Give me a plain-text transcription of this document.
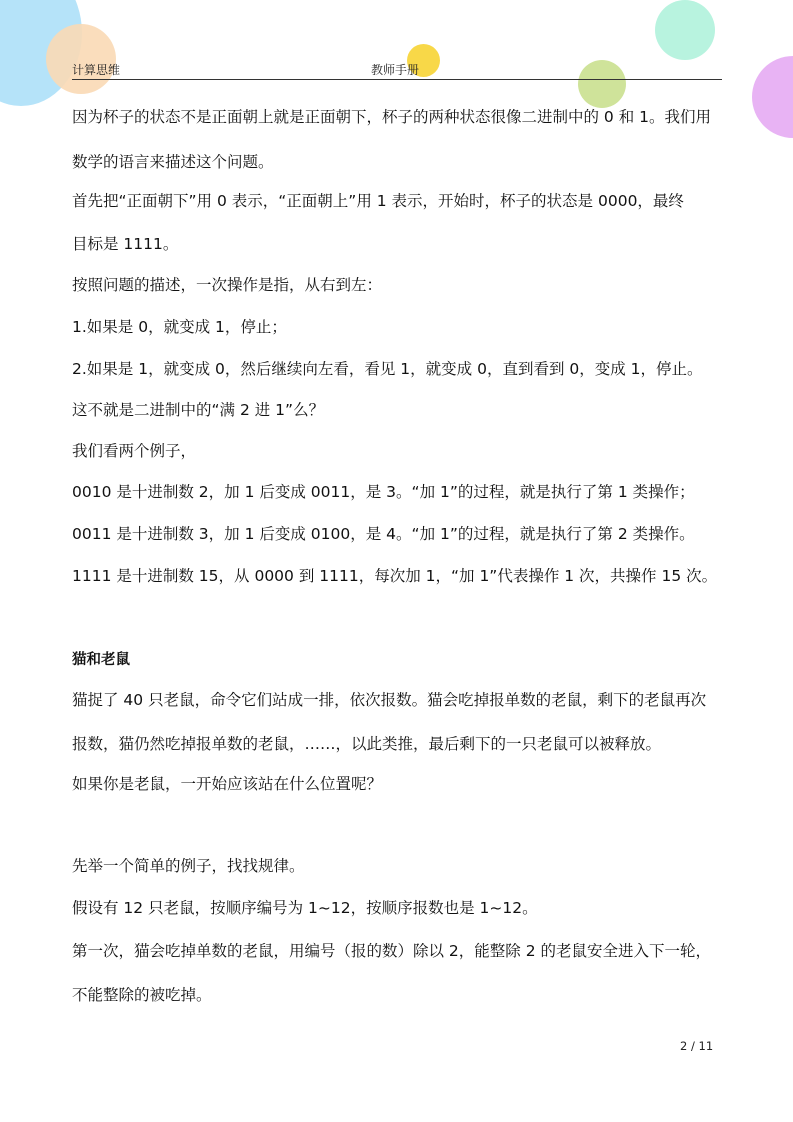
计算思维	教师手册
因为杯子的状态不是正面朝上就是正面朝下，杯子的两种状态很像二进制中的 0 和 1。我们用
数学的语言来描述这个问题。
首先把“正面朝下”用 0 表示，“正面朝上”用 1 表示，开始时，杯子的状态是 0000，最终
目标是 1111。
按照问题的描述，一次操作是指，从右到左：
1.如果是 0，就变成 1，停止；
2.如果是 1，就变成 0，然后继续向左看，看见 1，就变成 0，直到看到 0，变成 1，停止。
这不就是二进制中的“满 2 进 1”么？
我们看两个例子，
0010 是十进制数 2，加 1 后变成 0011，是 3。“加 1”的过程，就是执行了第 1 类操作；
0011 是十进制数 3，加 1 后变成 0100，是 4。“加 1”的过程，就是执行了第 2 类操作。
1111 是十进制数 15，从 0000 到 1111，每次加 1，“加 1”代表操作 1 次，共操作 15 次。
猫和老鼠
猫捉了 40 只老鼠，命令它们站成一排，依次报数。猫会吃掉报单数的老鼠，剩下的老鼠再次
报数，猫仍然吃掉报单数的老鼠，……，以此类推，最后剩下的一只老鼠可以被释放。
如果你是老鼠，一开始应该站在什么位置呢？
先举一个简单的例子，找找规律。
假设有 12 只老鼠，按顺序编号为 1~12，按顺序报数也是 1~12。
第一次，猫会吃掉单数的老鼠，用编号（报的数）除以 2，能整除 2 的老鼠安全进入下一轮，
不能整除的被吃掉。
2 / 11
